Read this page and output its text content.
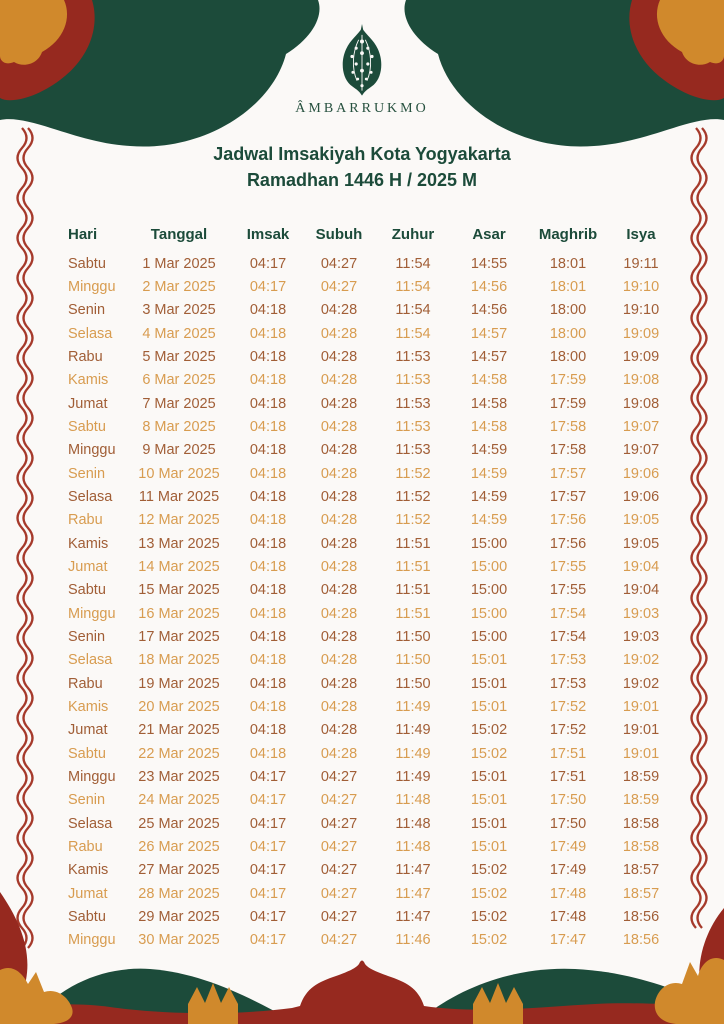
ÂMBARRUKMO
Jadwal Imsakiyah Kota Yogyakarta
Ramadhan 1446 H / 2025 M
Hari	Tanggal	Imsak	Subuh	Zuhur	Asar	Maghrib	Isya
Sabtu	1 Mar 2025	04:17	04:27	11:54	14:55	18:01	19:11
Minggu	2 Mar 2025	04:17	04:27	11:54	14:56	18:01	19:10
Senin	3 Mar 2025	04:18	04:28	11:54	14:56	18:00	19:10
Selasa	4 Mar 2025	04:18	04:28	11:54	14:57	18:00	19:09
Rabu	5 Mar 2025	04:18	04:28	11:53	14:57	18:00	19:09
Kamis	6 Mar 2025	04:18	04:28	11:53	14:58	17:59	19:08
Jumat	7 Mar 2025	04:18	04:28	11:53	14:58	17:59	19:08
Sabtu	8 Mar 2025	04:18	04:28	11:53	14:58	17:58	19:07
Minggu	9 Mar 2025	04:18	04:28	11:53	14:59	17:58	19:07
Senin	10 Mar 2025	04:18	04:28	11:52	14:59	17:57	19:06
Selasa	11 Mar 2025	04:18	04:28	11:52	14:59	17:57	19:06
Rabu	12 Mar 2025	04:18	04:28	11:52	14:59	17:56	19:05
Kamis	13 Mar 2025	04:18	04:28	11:51	15:00	17:56	19:05
Jumat	14 Mar 2025	04:18	04:28	11:51	15:00	17:55	19:04
Sabtu	15 Mar 2025	04:18	04:28	11:51	15:00	17:55	19:04
Minggu	16 Mar 2025	04:18	04:28	11:51	15:00	17:54	19:03
Senin	17 Mar 2025	04:18	04:28	11:50	15:00	17:54	19:03
Selasa	18 Mar 2025	04:18	04:28	11:50	15:01	17:53	19:02
Rabu	19 Mar 2025	04:18	04:28	11:50	15:01	17:53	19:02
Kamis	20 Mar 2025	04:18	04:28	11:49	15:01	17:52	19:01
Jumat	21 Mar 2025	04:18	04:28	11:49	15:02	17:52	19:01
Sabtu	22 Mar 2025	04:18	04:28	11:49	15:02	17:51	19:01
Minggu	23 Mar 2025	04:17	04:27	11:49	15:01	17:51	18:59
Senin	24 Mar 2025	04:17	04:27	11:48	15:01	17:50	18:59
Selasa	25 Mar 2025	04:17	04:27	11:48	15:01	17:50	18:58
Rabu	26 Mar 2025	04:17	04:27	11:48	15:01	17:49	18:58
Kamis	27 Mar 2025	04:17	04:27	11:47	15:02	17:49	18:57
Jumat	28 Mar 2025	04:17	04:27	11:47	15:02	17:48	18:57
Sabtu	29 Mar 2025	04:17	04:27	11:47	15:02	17:48	18:56
Minggu	30 Mar 2025	04:17	04:27	11:46	15:02	17:47	18:56
